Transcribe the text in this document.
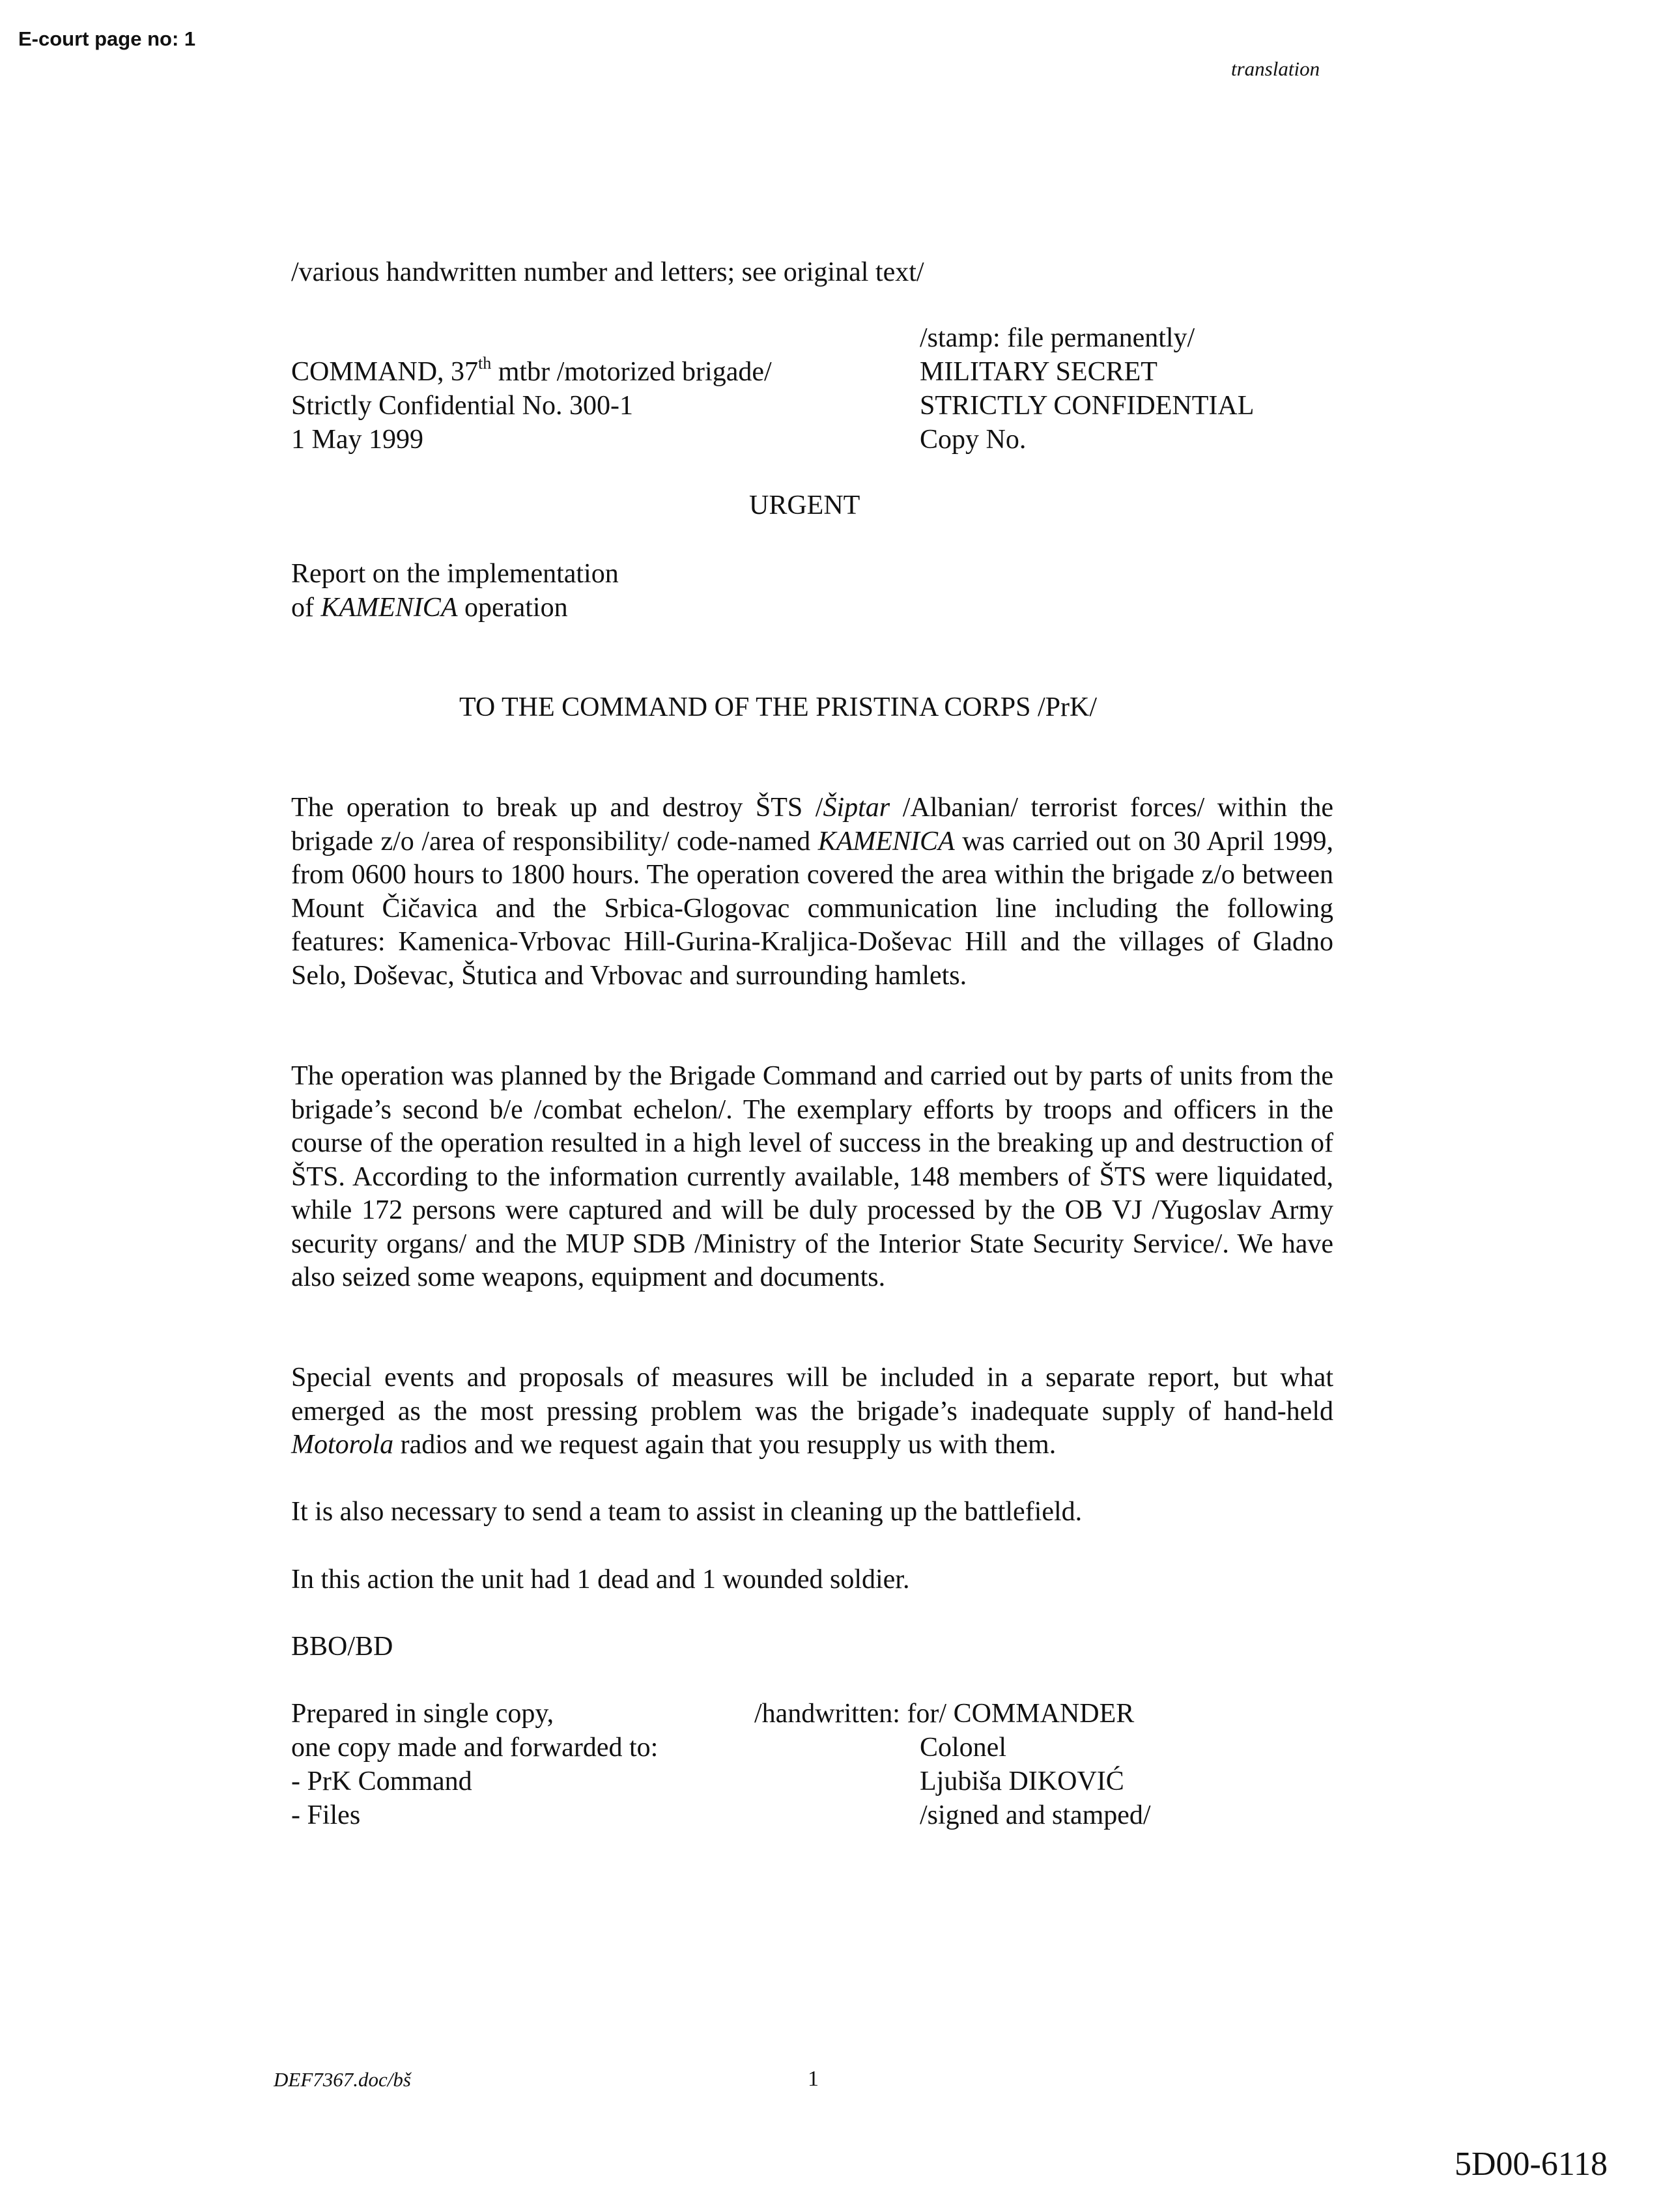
E-court page no: 1
translation
/various handwritten number and letters; see original text/
COMMAND, 37th mtbr /motorized brigade/
Strictly Confidential No. 300-1
1 May 1999
/stamp: file permanently/
MILITARY SECRET
STRICTLY CONFIDENTIAL
Copy No.
URGENT
Report on the implementation
of KAMENICA operation
TO THE COMMAND OF THE PRISTINA CORPS /PrK/

The operation to break up and destroy ŠTS /Šiptar /Albanian/ terrorist forces/ within the brigade z/o /area of responsibility/ code-named KAMENICA was carried out on 30 April 1999, from 0600 hours to 1800 hours. The operation covered the area within the brigade z/o between Mount Čičavica and the Srbica-Glogovac communication line including the following features: Kamenica-Vrbovac Hill-Gurina-Kraljica-Doševac Hill and the villages of Gladno Selo, Doševac, Štutica and Vrbovac and surrounding hamlets.

The operation was planned by the Brigade Command and carried out by parts of units from the brigade’s second b/e /combat echelon/. The exemplary efforts by troops and officers in the course of the operation resulted in a high level of success in the breaking up and destruction of ŠTS. According to the information currently available, 148 members of ŠTS were liquidated, while 172 persons were captured and will be duly processed by the OB VJ /Yugoslav Army security organs/ and the MUP SDB /Ministry of the Interior State Security Service/. We have also seized some weapons, equipment and documents.

Special events and proposals of measures will be included in a separate report, but what emerged as the most pressing problem was the brigade’s inadequate supply of hand-held Motorola radios and we request again that you resupply us with them.

It is also necessary to send a team to assist in cleaning up the battlefield.
In this action the unit had 1 dead and 1 wounded soldier.
BBO/BD
Prepared in single copy,
one copy made and forwarded to:
- PrK Command
- Files
/handwritten: for/ COMMANDER
Colonel
Ljubiša DIKOVIĆ
/signed and stamped/
DEF7367.doc/bš	1
5D00-6118
